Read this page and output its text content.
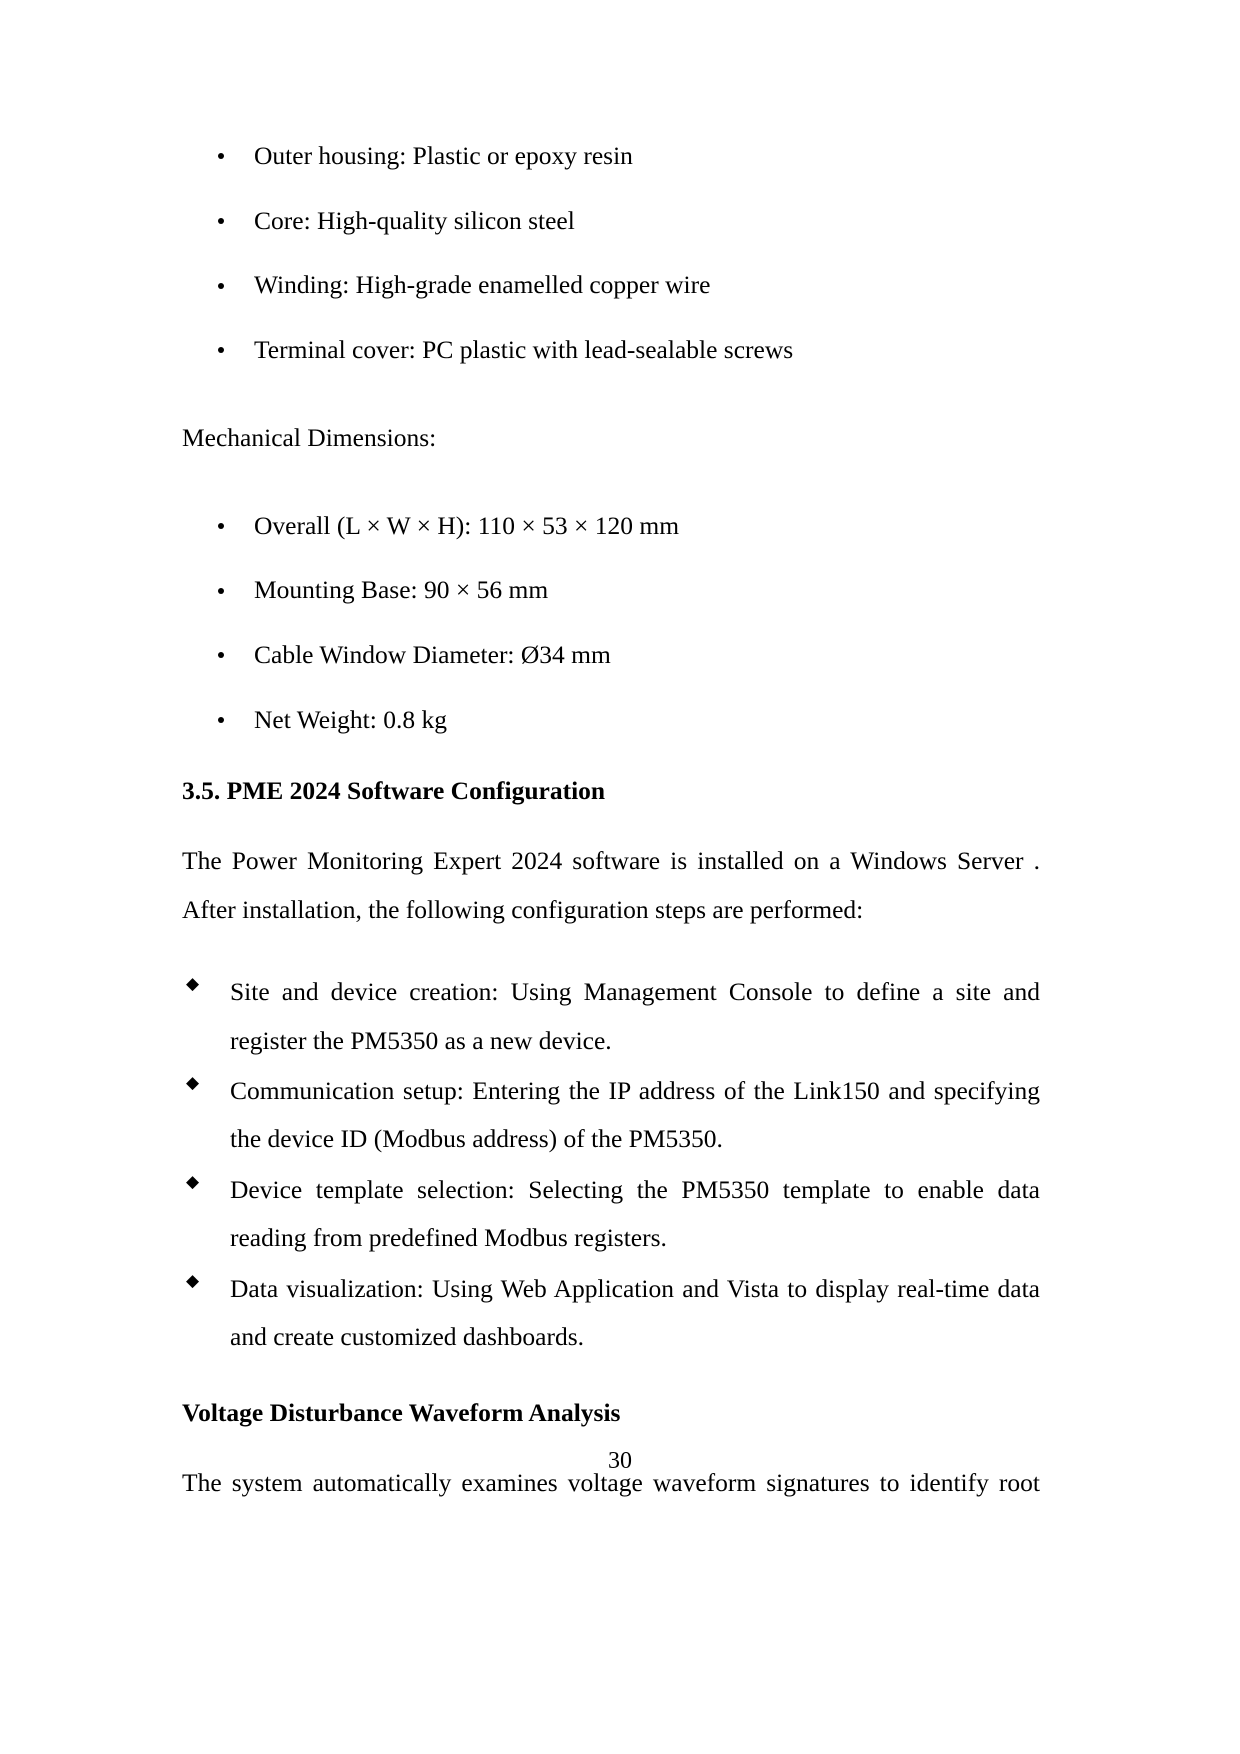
Outer housing: Plastic or epoxy resin
Core: High-quality silicon steel
Winding: High-grade enamelled copper wire
Terminal cover: PC plastic with lead-sealable screws

Mechanical Dimensions:

Overall (L × W × H): 110 × 53 × 120 mm
Mounting Base: 90 × 56 mm
Cable Window Diameter: Ø34 mm
Net Weight: 0.8 kg
3.5. PME 2024 Software Configuration
The Power Monitoring Expert 2024 software is installed on a Windows Server .
After installation, the following configuration steps are performed:
◆ Site and device creation: Using Management Console to define a site and
register the PM5350 as a new device.
◆ Communication setup: Entering the IP address of the Link150 and specifying
the device ID (Modbus address) of the PM5350.
◆ Device template selection: Selecting the PM5350 template to enable data
reading from predefined Modbus registers.
◆ Data visualization: Using Web Application and Vista to display real-time data
and create customized dashboards.
Voltage Disturbance Waveform Analysis
The system automatically examines voltage waveform signatures to identify root
30
